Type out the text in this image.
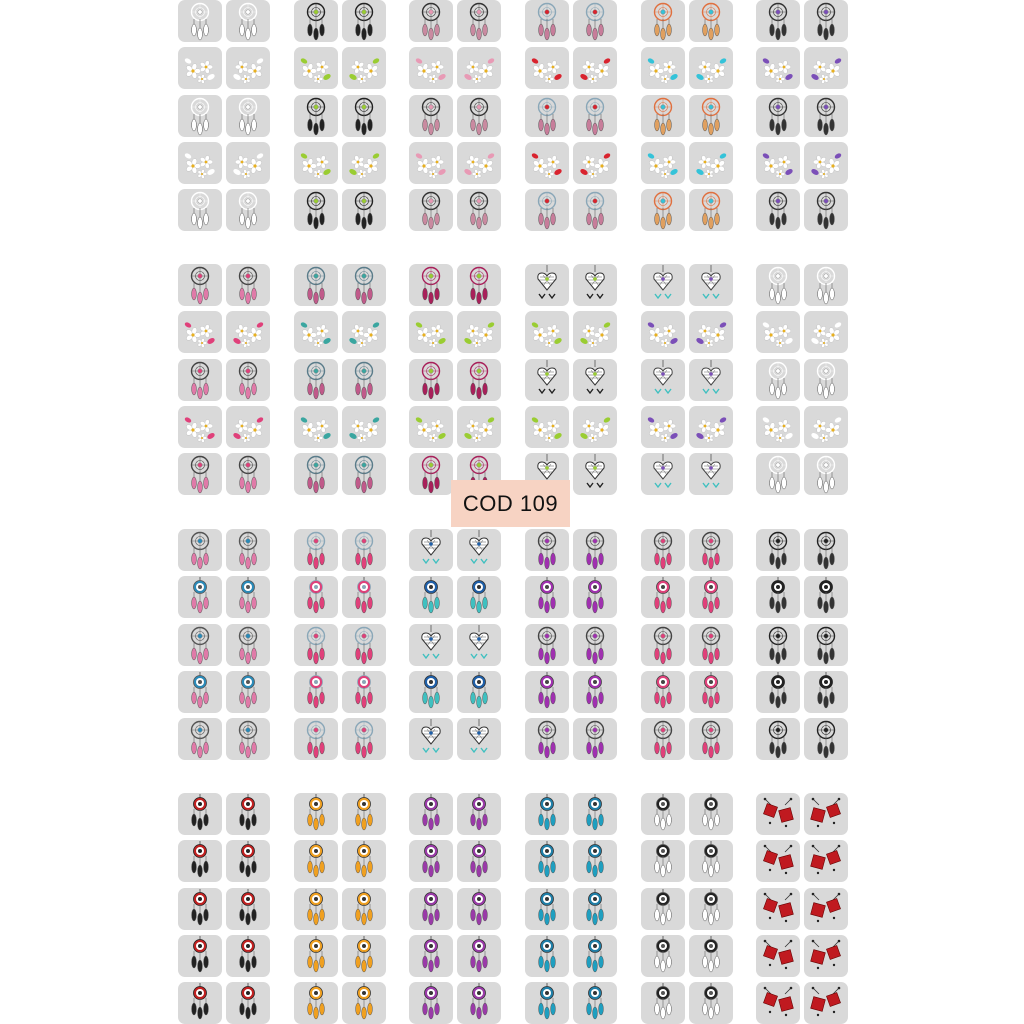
COD 109
